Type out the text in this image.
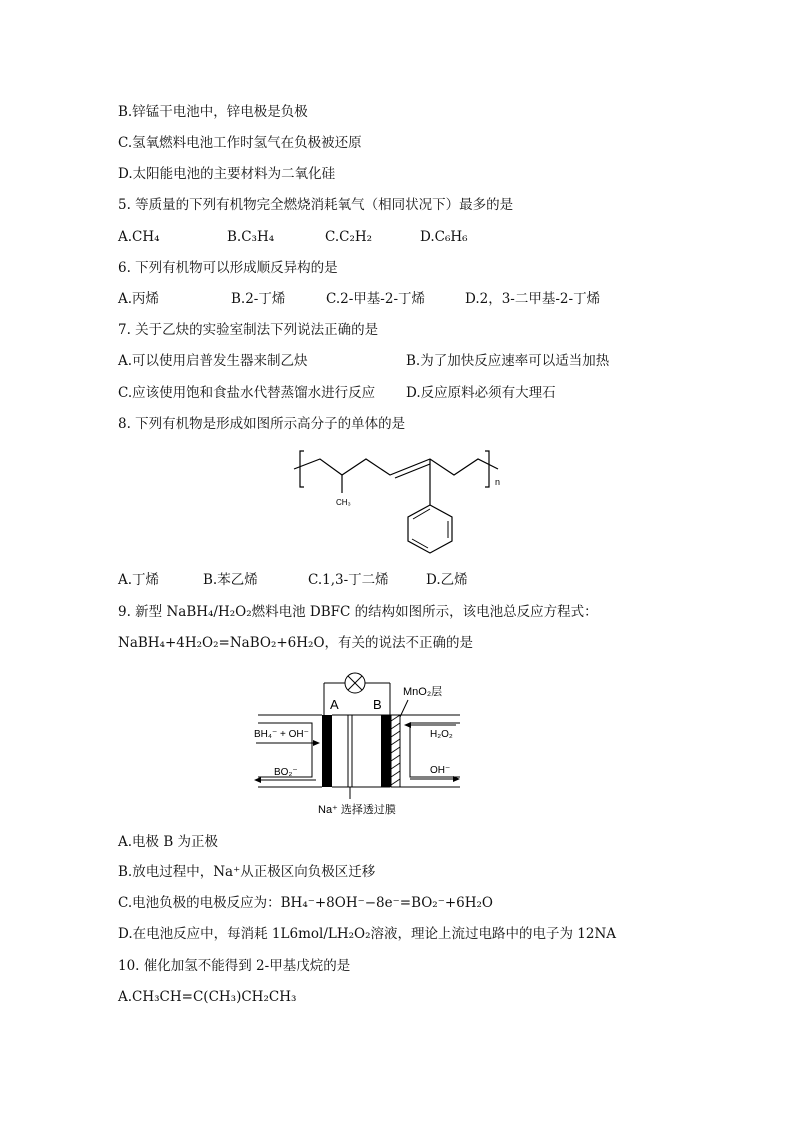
B.锌锰干电池中，锌电极是负极
C.氢氧燃料电池工作时氢气在负极被还原
D.太阳能电池的主要材料为二氧化硅
5. 等质量的下列有机物完全燃烧消耗氧气（相同状况下）最多的是
A.CH₄	B.C₃H₄	C.C₂H₂	D.C₆H₆
6. 下列有机物可以形成顺反异构的是
A.丙烯	B.2-丁烯	C.2-甲基-2-丁烯	D.2，3-二甲基-2-丁烯
7. 关于乙炔的实验室制法下列说法正确的是
A.可以使用启普发生器来制乙炔	B.为了加快反应速率可以适当加热
C.应该使用饱和食盐水代替蒸馏水进行反应 D.反应原料必须有大理石
8. 下列有机物是形成如图所示高分子的单体的是
CH₃
n
A.丁烯	B.苯乙烯	C.1,3-丁二烯	D.乙烯
9. 新型 NaBH₄/H₂O₂燃料电池 DBFC 的结构如图所示，该电池总反应方程式：
NaBH₄+4H₂O₂=NaBO₂+6H₂O，有关的说法不正确的是
A	B
MnO₂层
BH₄⁻ + OH⁻
BO₂⁻
H₂O₂
OH⁻
Na⁺ 选择透过膜
A.电极 B 为正极
B.放电过程中，Na⁺从正极区向负极区迁移
C.电池负极的电极反应为：BH₄⁻+8OH⁻−8e⁻=BO₂⁻+6H₂O
D.在电池反应中，每消耗 1L6mol/LH₂O₂溶液，理论上流过电路中的电子为 12NA
10. 催化加氢不能得到 2-甲基戊烷的是
A.CH₃CH=C(CH₃)CH₂CH₃
